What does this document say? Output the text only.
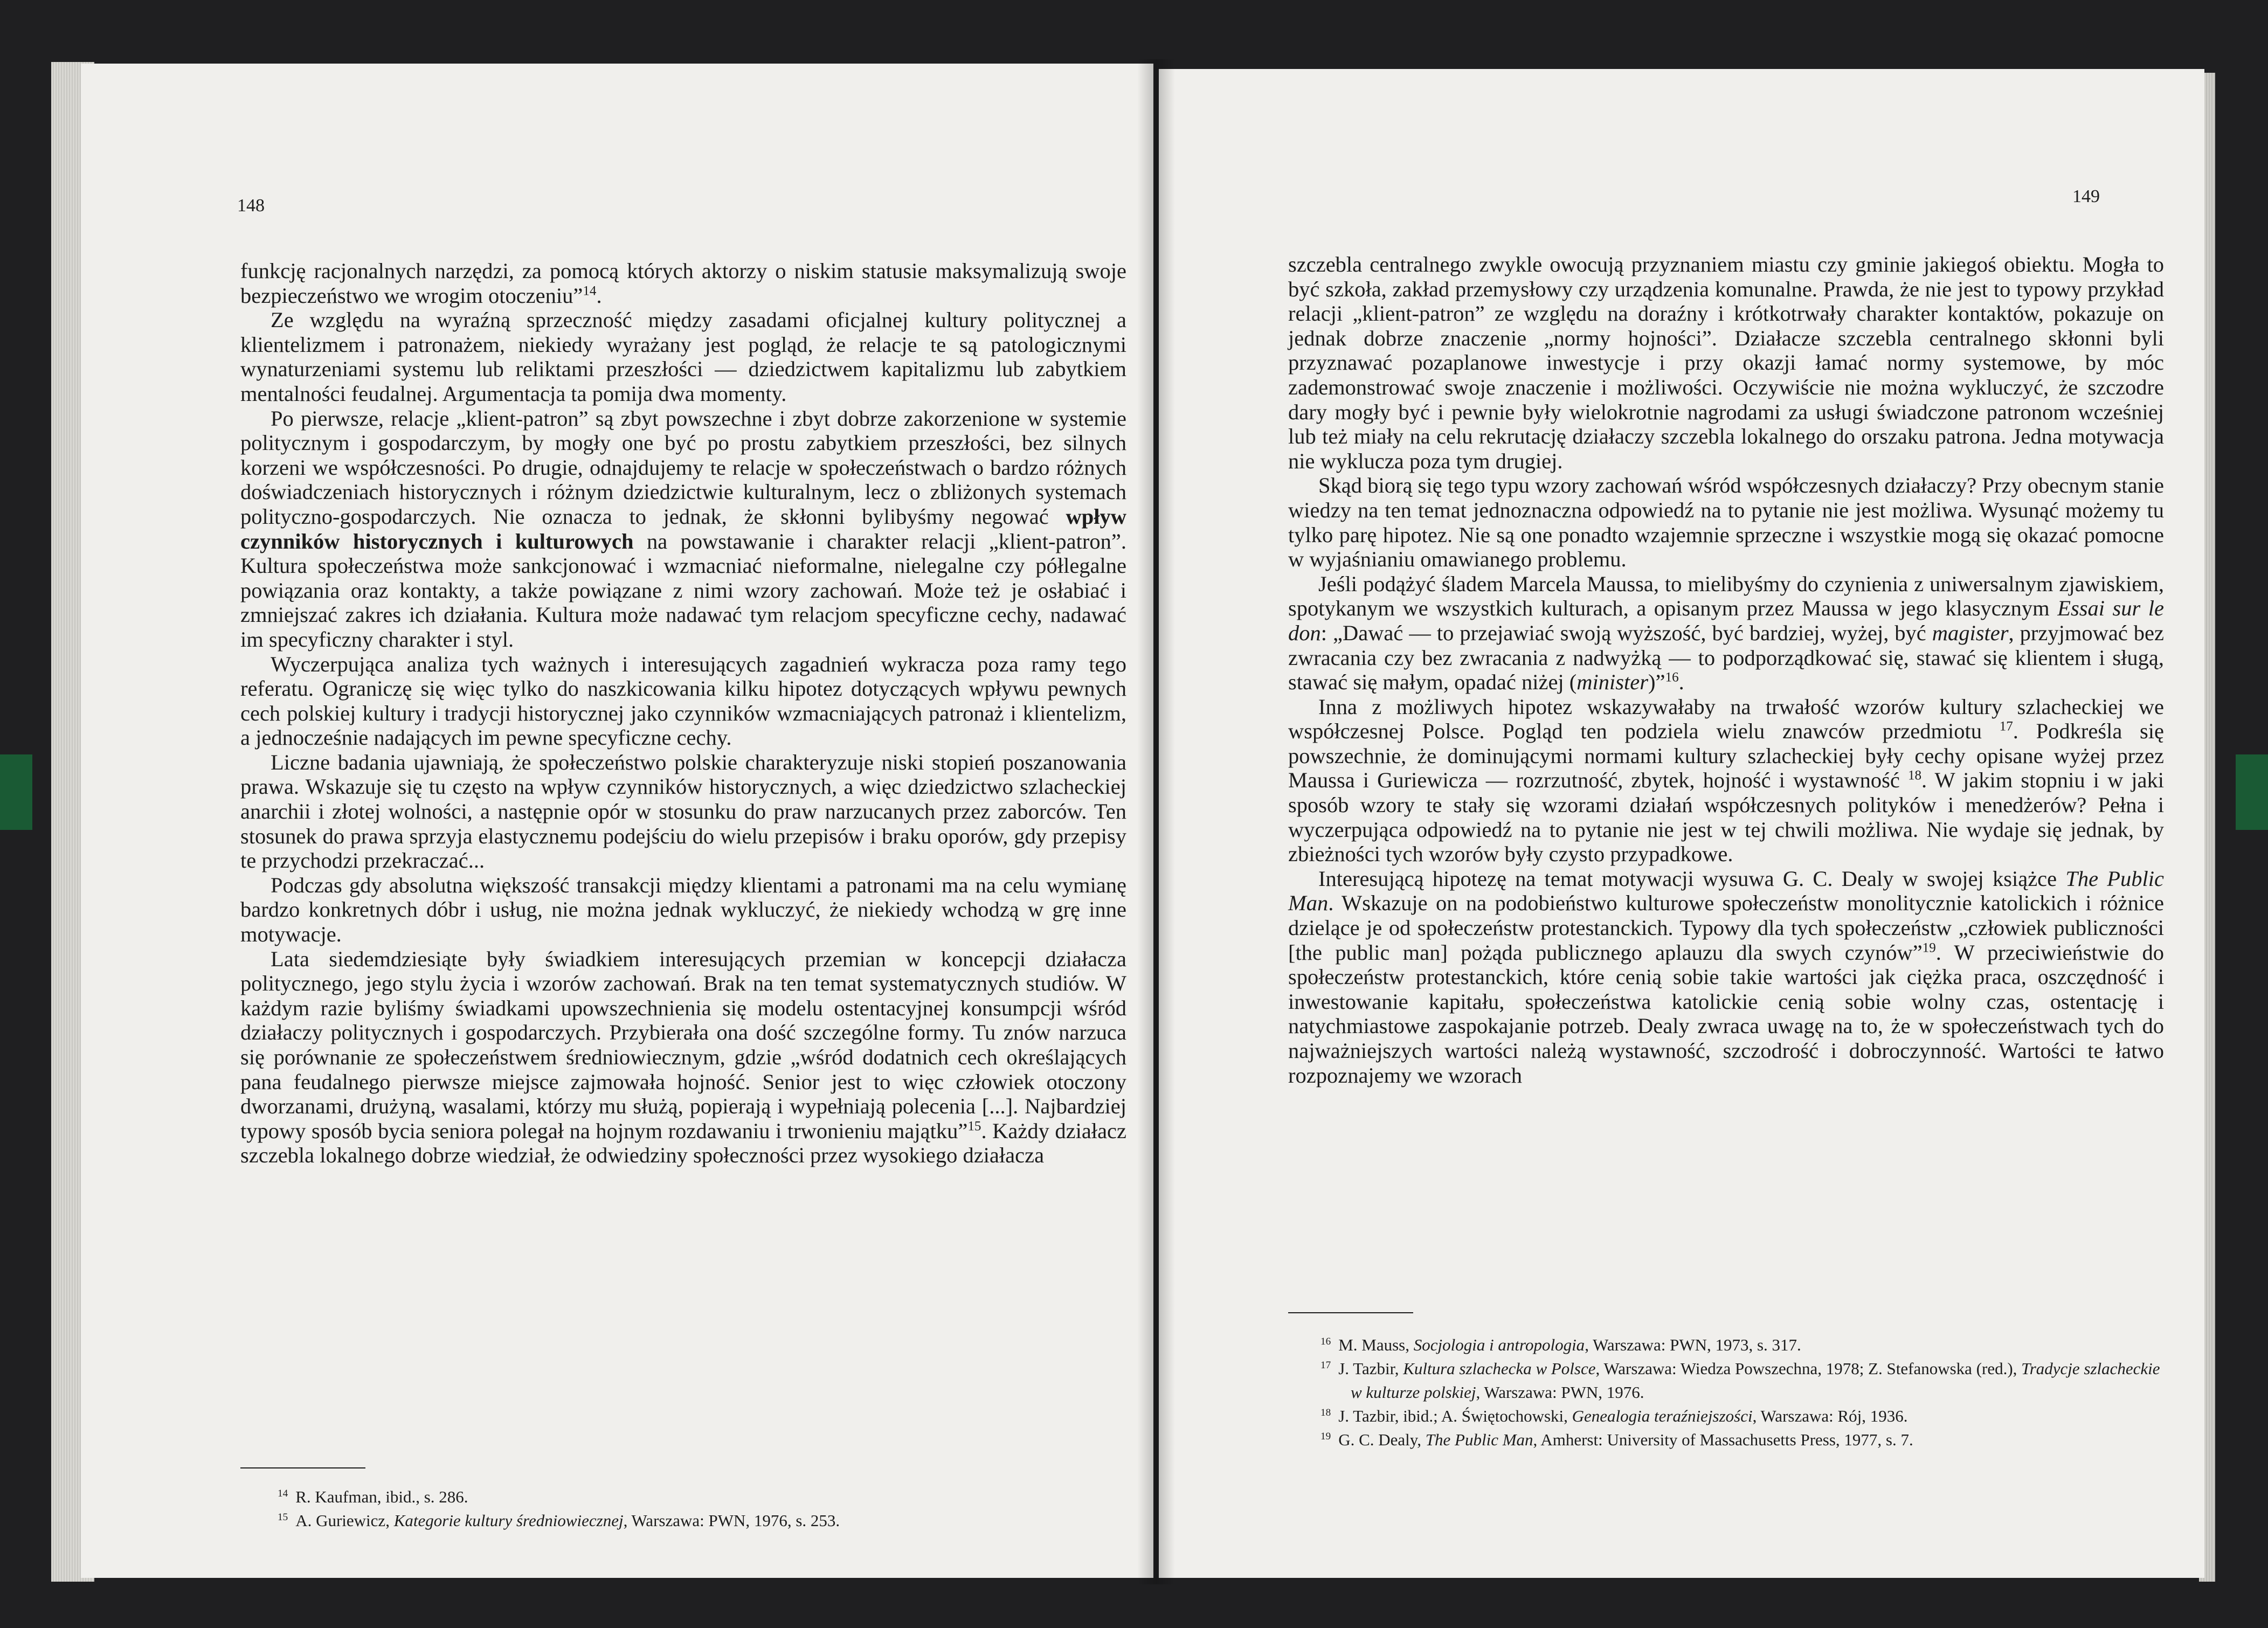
148

funkcję racjonalnych narzędzi, za pomocą których aktorzy o niskim statusie maksymalizują swoje bezpieczeństwo we wrogim otoczeniu”$^{14}$.

Ze względu na wyraźną sprzeczność między zasadami oficjalnej kultury politycznej a klientelizmem i patronażem, niekiedy wyrażany jest pogląd, że relacje te są patologicznymi wynaturzeniami systemu lub reliktami przeszłości — dziedzictwem kapitalizmu lub zabytkiem mentalności feudalnej. Argumentacja ta pomija dwa momenty.

Po pierwsze, relacje „klient-patron” są zbyt powszechne i zbyt dobrze zakorzenione w systemie politycznym i gospodarczym, by mogły one być po prostu zabytkiem przeszłości, bez silnych korzeni we współczesności. Po drugie, odnajdujemy te relacje w społeczeństwach o bardzo różnych doświadczeniach historycznych i różnym dziedzictwie kulturalnym, lecz o zbliżonych systemach polityczno-gospodarczych. Nie oznacza to jednak, że skłonni bylibyśmy negować wpływ czynników historycznych i kulturowych na powstawanie i charakter relacji „klient-patron”. Kultura społeczeństwa może sankcjonować i wzmacniać nieformalne, nielegalne czy półlegalne powiązania oraz kontakty, a także powiązane z nimi wzory zachowań. Może też je osłabiać i zmniejszać zakres ich działania. Kultura może nadawać tym relacjom specyficzne cechy, nadawać im specyficzny charakter i styl.

Wyczerpująca analiza tych ważnych i interesujących zagadnień wykracza poza ramy tego referatu. Ograniczę się więc tylko do naszkicowania kilku hipotez dotyczących wpływu pewnych cech polskiej kultury i tradycji historycznej jako czynników wzmacniających patronaż i klientelizm, a jednocześnie nadających im pewne specyficzne cechy.

Liczne badania ujawniają, że społeczeństwo polskie charakteryzuje niski stopień poszanowania prawa. Wskazuje się tu często na wpływ czynników historycznych, a więc dziedzictwo szlacheckiej anarchii i złotej wolności, a następnie opór w stosunku do praw narzucanych przez zaborców. Ten stosunek do prawa sprzyja elastycznemu podejściu do wielu przepisów i braku oporów, gdy przepisy te przychodzi przekraczać...

Podczas gdy absolutna większość transakcji między klientami a patronami ma na celu wymianę bardzo konkretnych dóbr i usług, nie można jednak wykluczyć, że niekiedy wchodzą w grę inne motywacje.

Lata siedemdziesiąte były świadkiem interesujących przemian w koncepcji działacza politycznego, jego stylu życia i wzorów zachowań. Brak na ten temat systematycznych studiów. W każdym razie byliśmy świadkami upowszechnienia się modelu ostentacyjnej konsumpcji wśród działaczy politycznych i gospodarczych. Przybierała ona dość szczególne formy. Tu znów narzuca się porównanie ze społeczeństwem średniowiecznym, gdzie „wśród dodatnich cech określających pana feudalnego pierwsze miejsce zajmowała hojność. Senior jest to więc człowiek otoczony dworzanami, drużyną, wasalami, którzy mu służą, popierają i wypełniają polecenia [...]. Najbardziej typowy sposób bycia seniora polegał na hojnym rozdawaniu i trwonieniu majątku”$^{15}$. Każdy działacz szczebla lokalnego dobrze wiedział, że odwiedziny społeczności przez wysokiego działacza

$^{14}$ R. Kaufman, ibid., s. 286.

$^{15}$ A. Guriewicz, Kategorie kultury średniowiecznej, Warszawa: PWN, 1976, s. 253.

149

szczebla centralnego zwykle owocują przyznaniem miastu czy gminie jakiegoś obiektu. Mogła to być szkoła, zakład przemysłowy czy urządzenia komunalne. Prawda, że nie jest to typowy przykład relacji „klient-patron” ze względu na doraźny i krótkotrwały charakter kontaktów, pokazuje on jednak dobrze znaczenie „normy hojności”. Działacze szczebla centralnego skłonni byli przyznawać pozaplanowe inwestycje i przy okazji łamać normy systemowe, by móc zademonstrować swoje znaczenie i możliwości. Oczywiście nie można wykluczyć, że szczodre dary mogły być i pewnie były wielokrotnie nagrodami za usługi świadczone patronom wcześniej lub też miały na celu rekrutację działaczy szczebla lokalnego do orszaku patrona. Jedna motywacja nie wyklucza poza tym drugiej.

Skąd biorą się tego typu wzory zachowań wśród współczesnych działaczy? Przy obecnym stanie wiedzy na ten temat jednoznaczna odpowiedź na to pytanie nie jest możliwa. Wysunąć możemy tu tylko parę hipotez. Nie są one ponadto wzajemnie sprzeczne i wszystkie mogą się okazać pomocne w wyjaśnianiu omawianego problemu.

Jeśli podążyć śladem Marcela Maussa, to mielibyśmy do czynienia z uniwersalnym zjawiskiem, spotykanym we wszystkich kulturach, a opisanym przez Maussa w jego klasycznym Essai sur le don: „Dawać — to przejawiać swoją wyższość, być bardziej, wyżej, być magister, przyjmować bez zwracania czy bez zwracania z nadwyżką — to podporządkować się, stawać się klientem i sługą, stawać się małym, opadać niżej (minister)”$^{16}$.

Inna z możliwych hipotez wskazywałaby na trwałość wzorów kultury szlacheckiej we współczesnej Polsce. Pogląd ten podziela wielu znawców przedmiotu $^{17}$. Podkreśla się powszechnie, że dominującymi normami kultury szlacheckiej były cechy opisane wyżej przez Maussa i Guriewicza — rozrzutność, zbytek, hojność i wystawność $^{18}$. W jakim stopniu i w jaki sposób wzory te stały się wzorami działań współczesnych polityków i menedżerów? Pełna i wyczerpująca odpowiedź na to pytanie nie jest w tej chwili możliwa. Nie wydaje się jednak, by zbieżności tych wzorów były czysto przypadkowe.

Interesującą hipotezę na temat motywacji wysuwa G. C. Dealy w swojej książce The Public Man. Wskazuje on na podobieństwo kulturowe społeczeństw monolitycznie katolickich i różnice dzielące je od społeczeństw protestanckich. Typowy dla tych społeczeństw „człowiek publiczności [the public man] pożąda publicznego aplauzu dla swych czynów”$^{19}$. W przeciwieństwie do społeczeństw protestanckich, które cenią sobie takie wartości jak ciężka praca, oszczędność i inwestowanie kapitału, społeczeństwa katolickie cenią sobie wolny czas, ostentację i natychmiastowe zaspokajanie potrzeb. Dealy zwraca uwagę na to, że w społeczeństwach tych do najważniejszych wartości należą wystawność, szczodrość i dobroczynność. Wartości te łatwo rozpoznajemy we wzorach

$^{16}$ M. Mauss, Socjologia i antropologia, Warszawa: PWN, 1973, s. 317.

$^{17}$ J. Tazbir, Kultura szlachecka w Polsce, Warszawa: Wiedza Powszechna, 1978; Z. Stefanowska (red.), Tradycje szlacheckie w kulturze polskiej, Warszawa: PWN, 1976.

$^{18}$ J. Tazbir, ibid.; A. Świętochowski, Genealogia teraźniejszości, Warszawa: Rój, 1936.

$^{19}$ G. C. Dealy, The Public Man, Amherst: University of Massachusetts Press, 1977, s. 7.
